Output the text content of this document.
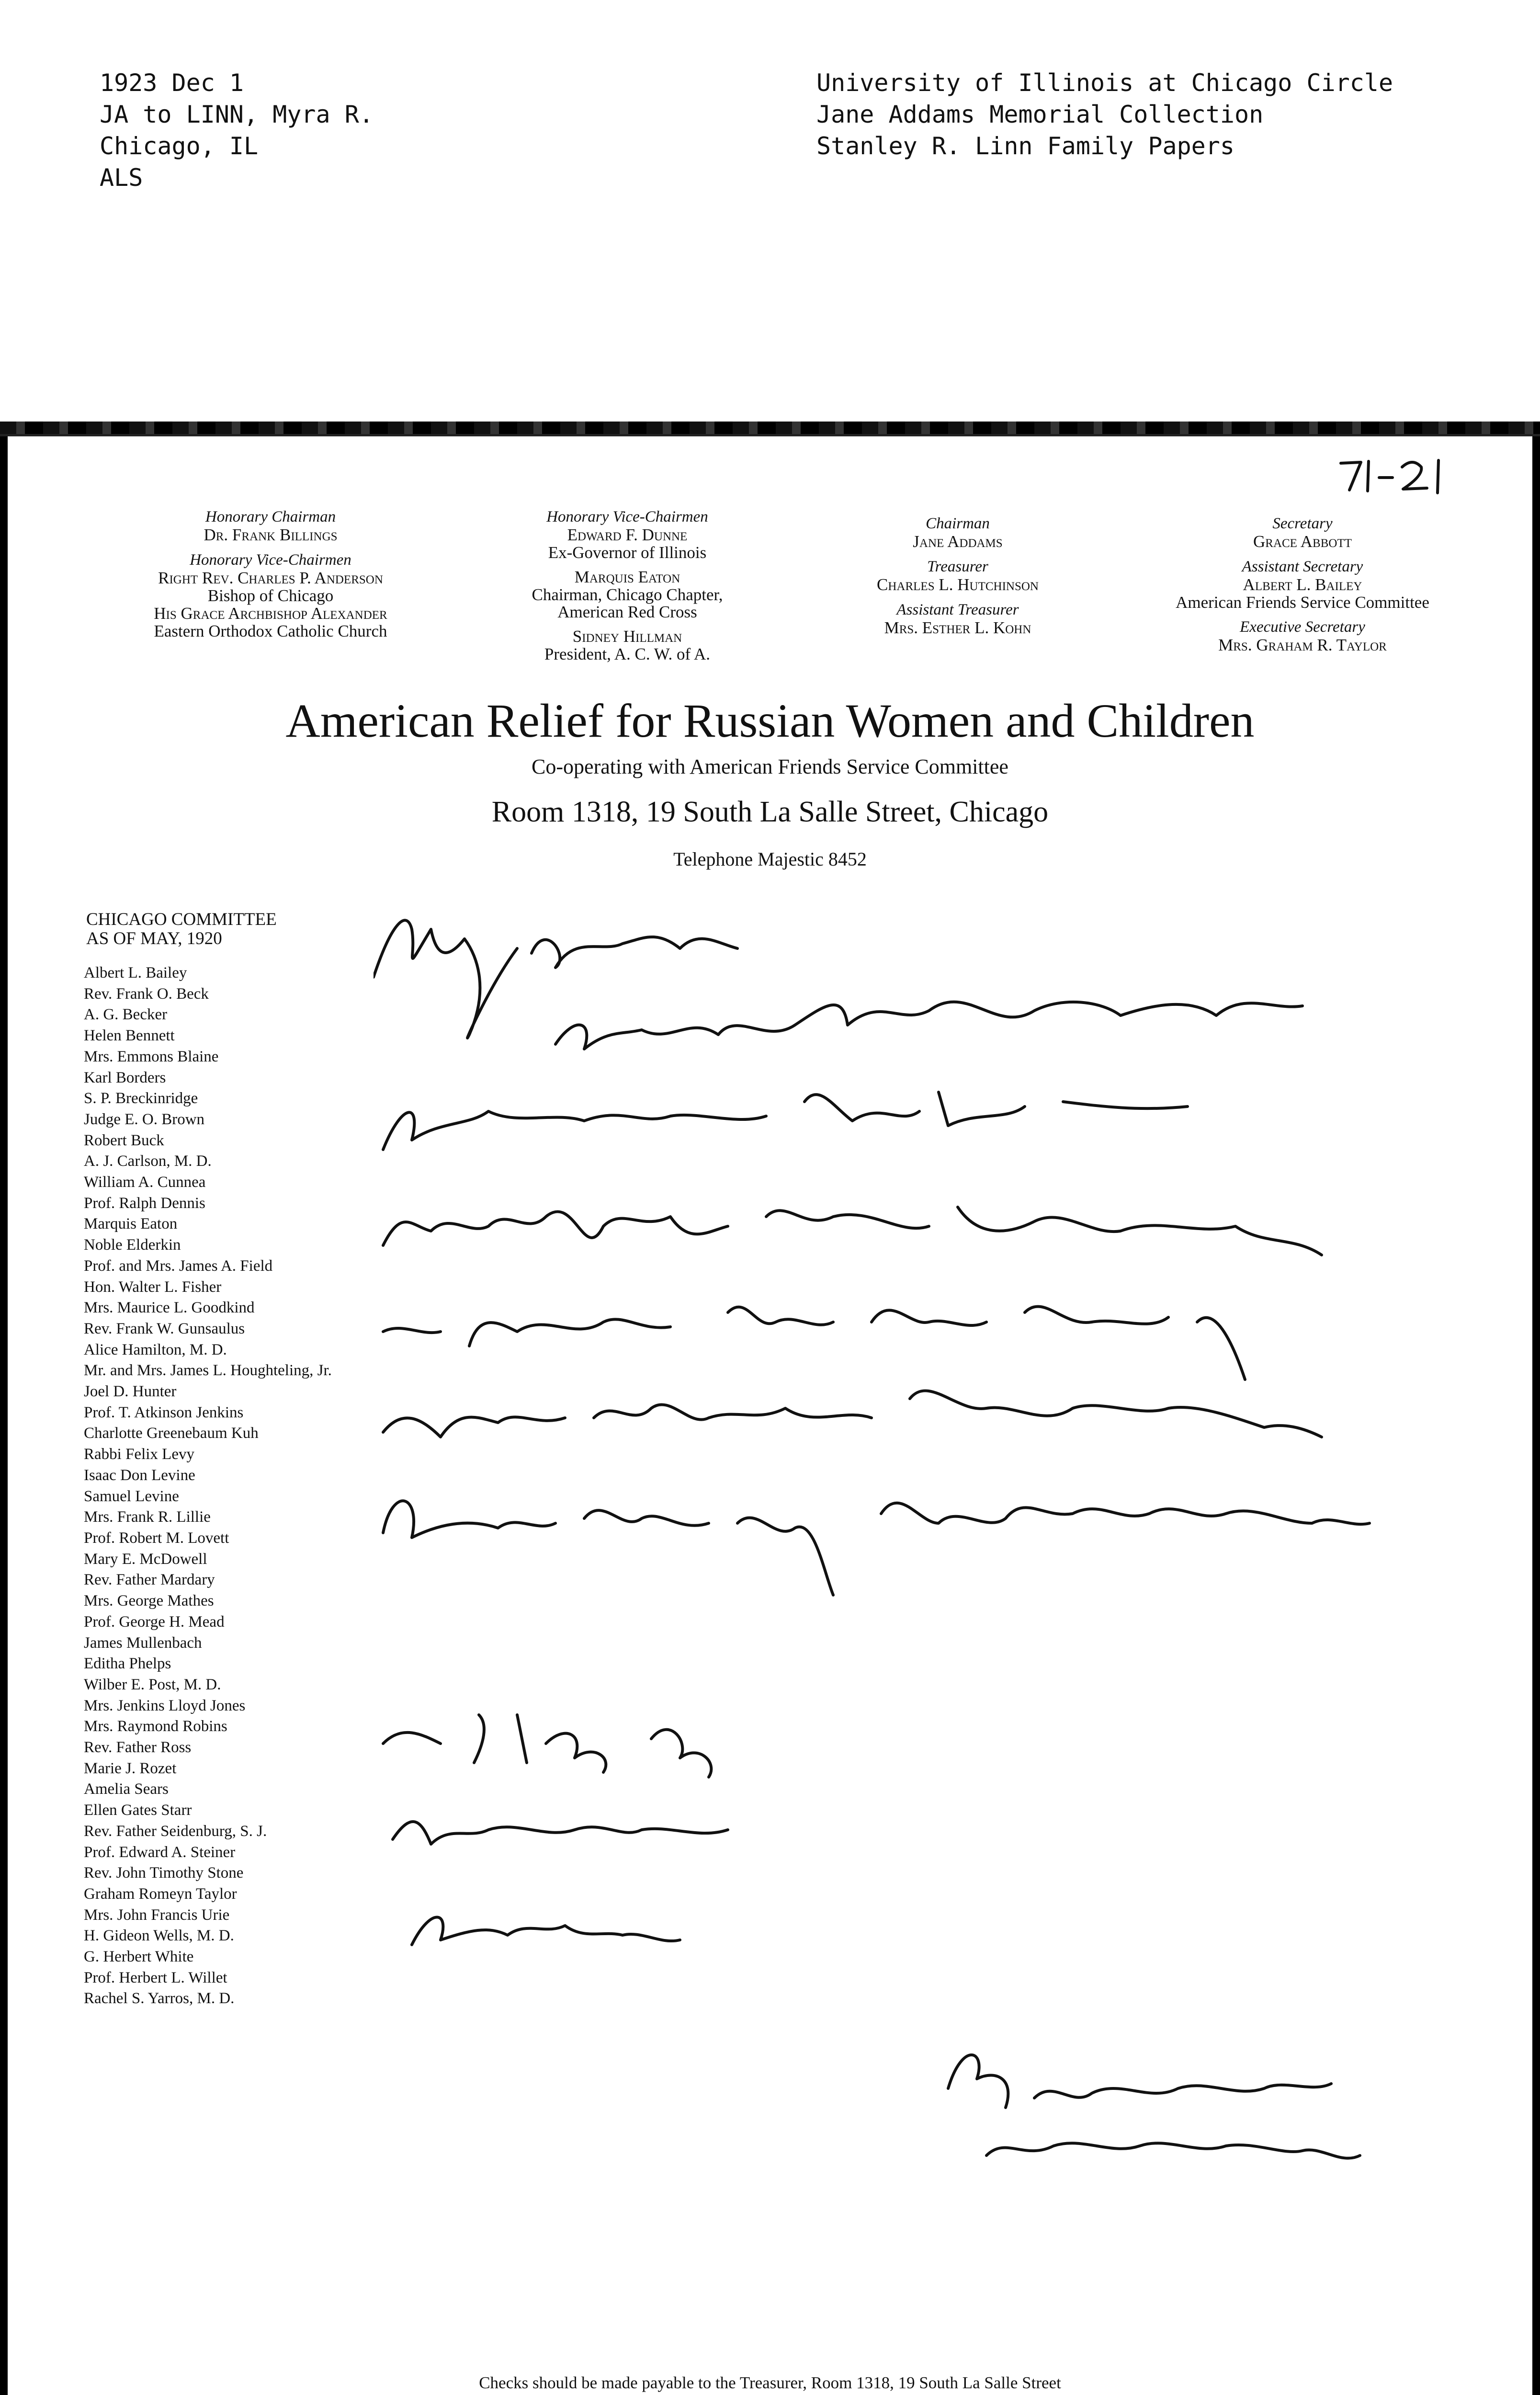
1923 Dec 1
JA to LINN, Myra R.
Chicago, IL
ALS
University of Illinois at Chicago Circle
Jane Addams Memorial Collection
Stanley R. Linn Family Papers
Honorary Chairman
Dr. Frank Billings
Honorary Vice-Chairmen
Right Rev. Charles P. Anderson
Bishop of Chicago
His Grace Archbishop Alexander
Eastern Orthodox Catholic Church
Honorary Vice-Chairmen
Edward F. Dunne
Ex-Governor of Illinois
Marquis Eaton
Chairman, Chicago Chapter,
American Red Cross
Sidney Hillman
President, A. C. W. of A.
Chairman
Jane Addams
Treasurer
Charles L. Hutchinson
Assistant Treasurer
Mrs. Esther L. Kohn
Secretary
Grace Abbott
Assistant Secretary
Albert L. Bailey
American Friends Service Committee
Executive Secretary
Mrs. Graham R. Taylor
American Relief for Russian Women and Children
Co-operating with American Friends Service Committee
Room 1318, 19 South La Salle Street, Chicago
Telephone Majestic 8452
CHICAGO COMMITTEE
AS OF MAY, 1920
Albert L. Bailey
Rev. Frank O. Beck
A. G. Becker
Helen Bennett
Mrs. Emmons Blaine
Karl Borders
S. P. Breckinridge
Judge E. O. Brown
Robert Buck
A. J. Carlson, M. D.
William A. Cunnea
Prof. Ralph Dennis
Marquis Eaton
Noble Elderkin
Prof. and Mrs. James A. Field
Hon. Walter L. Fisher
Mrs. Maurice L. Goodkind
Rev. Frank W. Gunsaulus
Alice Hamilton, M. D.
Mr. and Mrs. James L. Houghteling, Jr.
Joel D. Hunter
Prof. T. Atkinson Jenkins
Charlotte Greenebaum Kuh
Rabbi Felix Levy
Isaac Don Levine
Samuel Levine
Mrs. Frank R. Lillie
Prof. Robert M. Lovett
Mary E. McDowell
Rev. Father Mardary
Mrs. George Mathes
Prof. George H. Mead
James Mullenbach
Editha Phelps
Wilber E. Post, M. D.
Mrs. Jenkins Lloyd Jones
Mrs. Raymond Robins
Rev. Father Ross
Marie J. Rozet
Amelia Sears
Ellen Gates Starr
Rev. Father Seidenburg, S. J.
Prof. Edward A. Steiner
Rev. John Timothy Stone
Graham Romeyn Taylor
Mrs. John Francis Urie
H. Gideon Wells, M. D.
G. Herbert White
Prof. Herbert L. Willet
Rachel S. Yarros, M. D.
Checks should be made payable to the Treasurer, Room 1318, 19 South La Salle Street
